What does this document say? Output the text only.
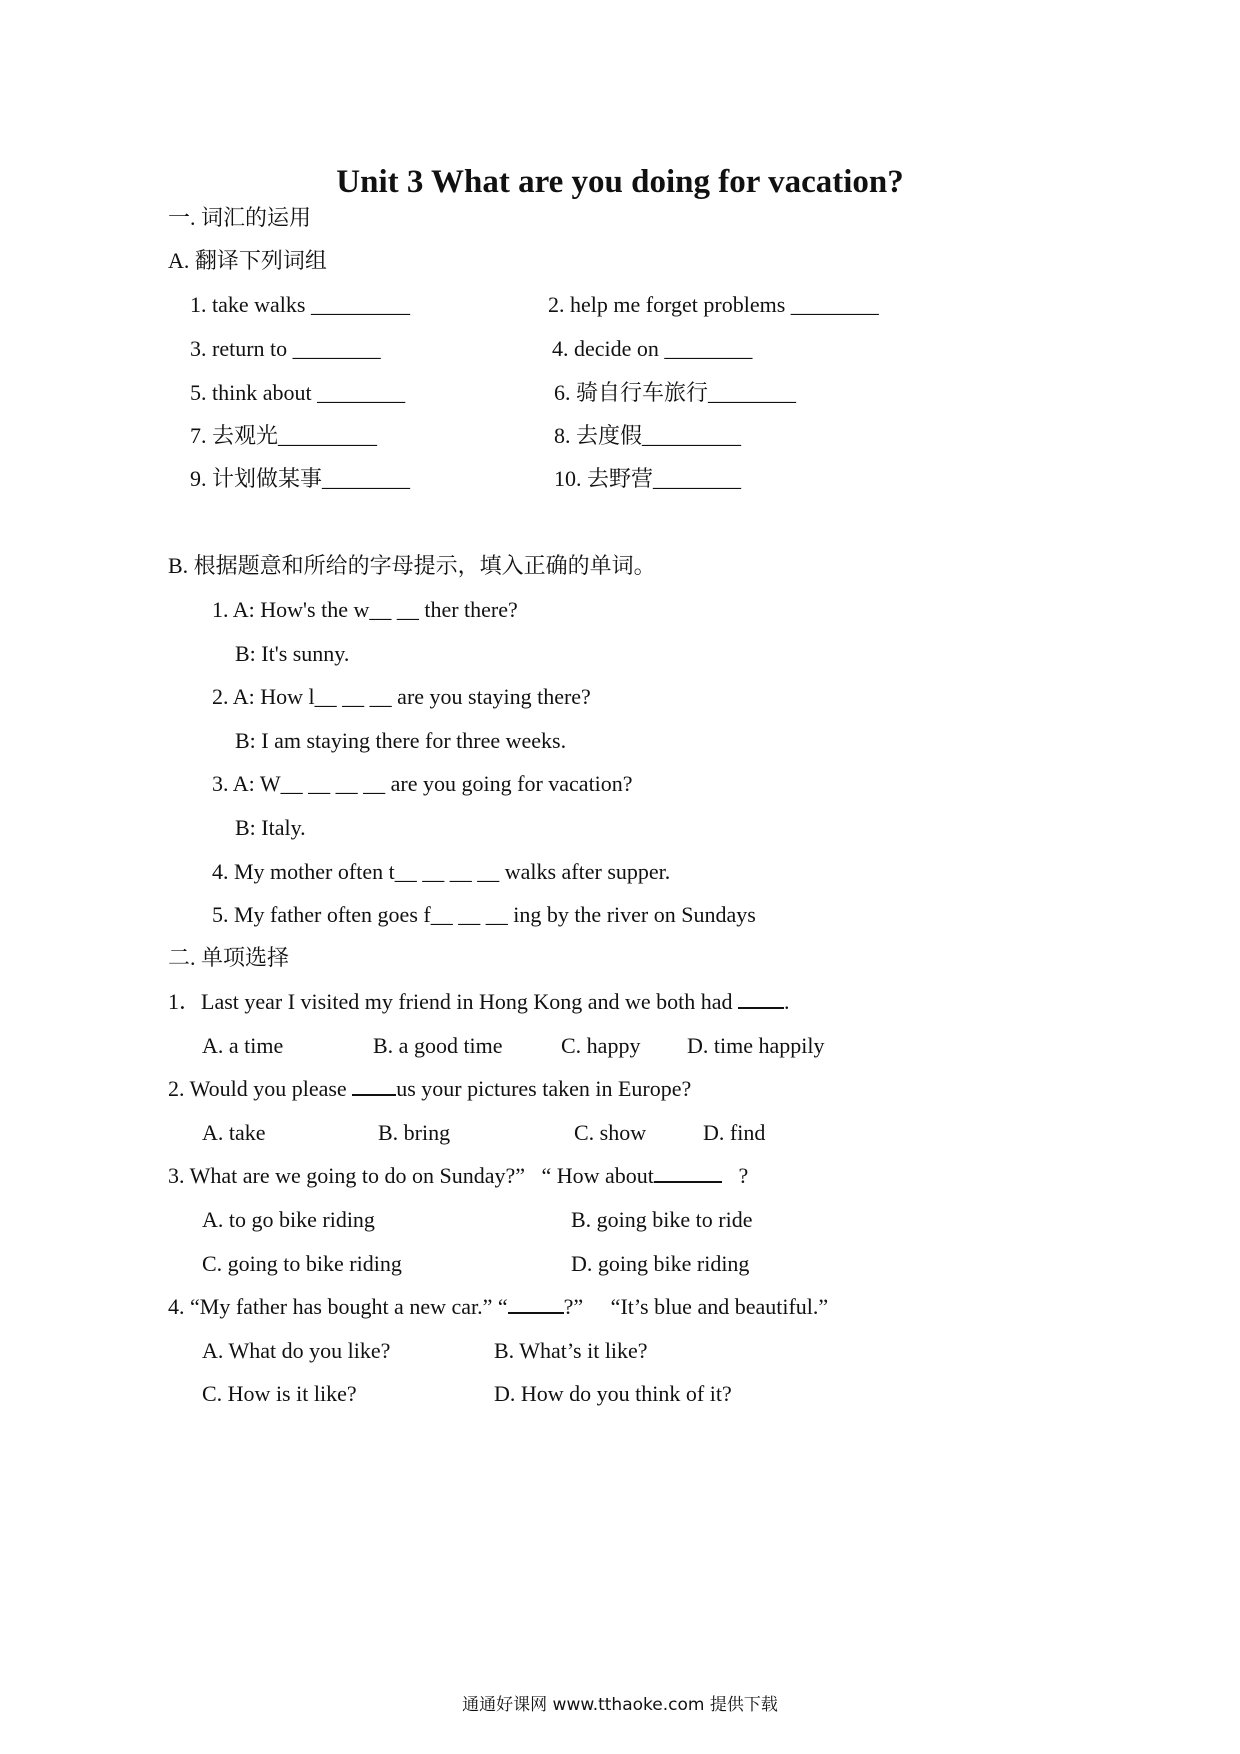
Unit 3 What are you doing for vacation?
一. 词汇的运用
A. 翻译下列词组
1. take walks _________	2. help me forget problems ________
3. return to ________	4. decide on ________
5. think about ________	6. 骑自行车旅行________
7. 去观光_________	8. 去度假_________
9. 计划做某事________	10. 去野营________
B. 根据题意和所给的字母提示，填入正确的单词。
1. A: How's the w__ __ ther there?
B: It's sunny.
2. A: How l__ __ __ are you staying there?
B: I am staying there for three weeks.
3. A: W__ __ __ __ are you going for vacation?
B: Italy.
4. My mother often t__ __ __ __ walks after supper.
5. My father often goes f__ __ __ ing by the river on Sundays
二. 单项选择
1．Last year I visited my friend in Hong Kong and we both had .
A. a time	B. a good time	C. happy D. time happily
2. Would you please us your pictures taken in Europe?
A. take	B. bring	C. show	D. find
3. What are we going to do on Sunday?”   “ How about	?
A. to go bike riding	B. going bike to ride
C. going to bike riding	D. going bike riding
4. “My father has bought a new car.” “	?”     “It’s blue and beautiful.”
A. What do you like?	B. What’s it like?
C. How is it like?	D. How do you think of it?
通通好课网 www.tthaoke.com 提供下载
